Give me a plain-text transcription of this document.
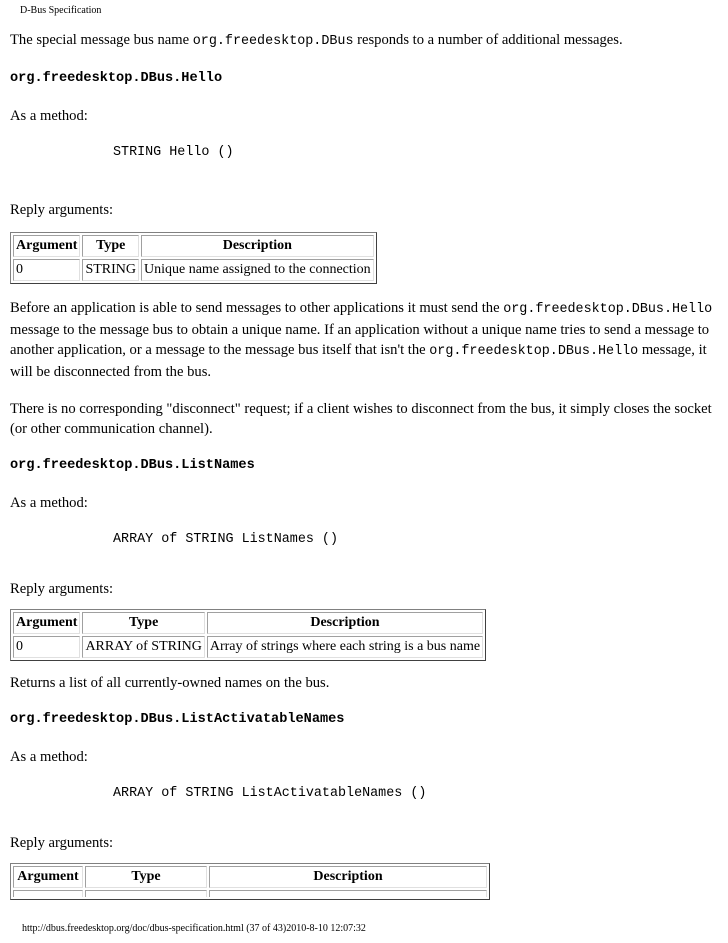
D-Bus Specification

The special message bus name org.freedesktop.DBus responds to a number of additional messages.

org.freedesktop.DBus.Hello

As a method:

STRING Hello ()

Reply arguments:

Argument	Type	Description
0	STRING	Unique name assigned to the connection

Before an application is able to send messages to other applications it must send the org.freedesktop.DBus.Hello message to the message bus to obtain a unique name. If an application without a unique name tries to send a message to another application, or a message to the message bus itself that isn't the org.freedesktop.DBus.Hello message, it will be disconnected from the bus.

There is no corresponding "disconnect" request; if a client wishes to disconnect from the bus, it simply closes the socket (or other communication channel).

org.freedesktop.DBus.ListNames

As a method:

ARRAY of STRING ListNames ()

Reply arguments:

Argument	Type	Description
0	ARRAY of STRING	Array of strings where each string is a bus name

Returns a list of all currently-owned names on the bus.

org.freedesktop.DBus.ListActivatableNames

As a method:

ARRAY of STRING ListActivatableNames ()

Reply arguments:

Argument	Type	Description

http://dbus.freedesktop.org/doc/dbus-specification.html (37 of 43)2010-8-10 12:07:32
